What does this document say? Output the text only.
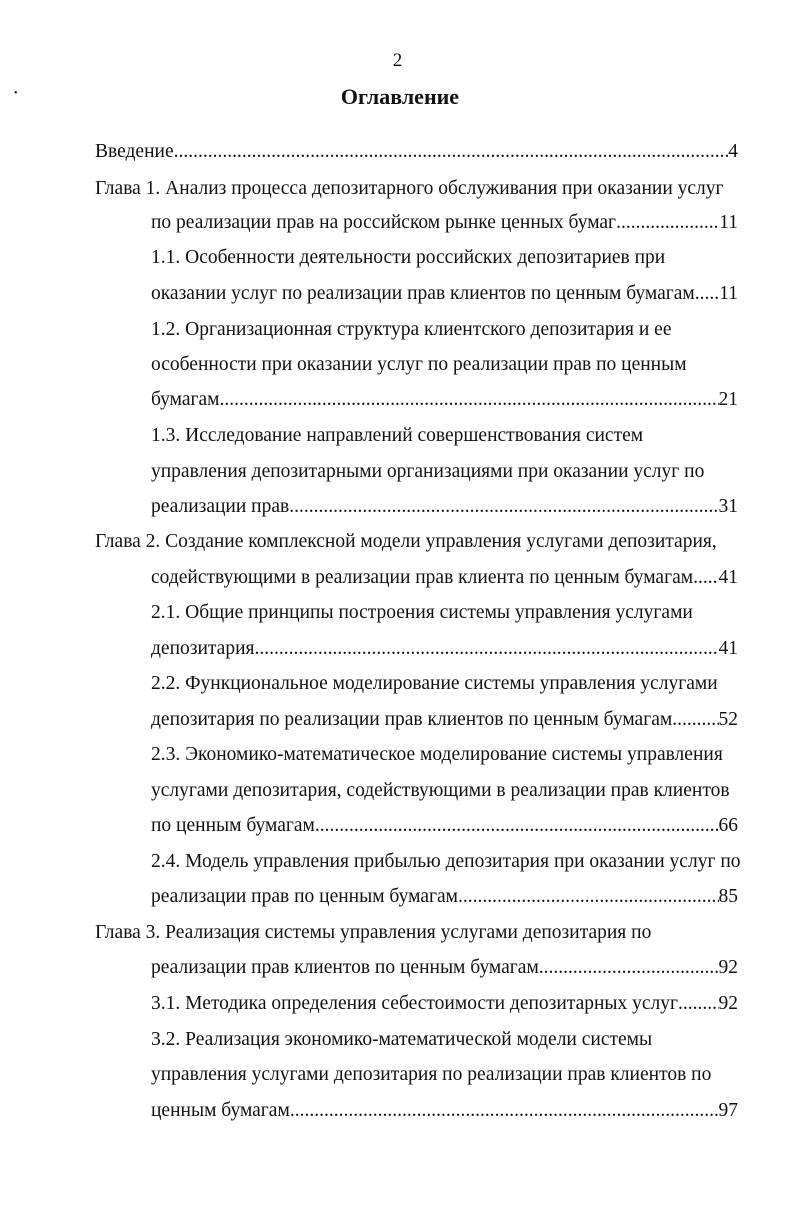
2
•	Оглавление
Введение .....	4
Глава 1. Анализ процесса депозитарного обслуживания при оказании услуг
по реализации прав на российском рынке ценных бумаг .....	11
1.1. Особенности деятельности российских депозитариев при
оказании услуг по реализации прав клиентов по ценным бумагам ..... 11
1.2. Организационная структура клиентского депозитария и ее
особенности при оказании услуг по реализации прав по ценным
бумагам .....	21
1.3. Исследование направлений совершенствования систем
управления депозитарными организациями при оказании услуг по
реализации прав .....	31
Глава 2. Создание комплексной модели управления услугами депозитария,
содействующими в реализации прав клиента по ценным бумагам ..... 41
2.1. Общие принципы построения системы управления услугами
депозитария .....	41
2.2. Функциональное моделирование системы управления услугами
депозитария по реализации прав клиентов по ценным бумагам ..... 52
2.3. Экономико-математическое моделирование системы управления
услугами депозитария, содействующими в реализации прав клиентов
по ценным бумагам .....	66
2.4. Модель управления прибылью депозитария при оказании услуг по
реализации прав по ценным бумагам .....	85
Глава 3. Реализация системы управления услугами депозитария по
реализации прав клиентов по ценным бумагам .....	92
3.1. Методика определения себестоимости депозитарных услуг ..... 92
3.2. Реализация экономико-математической модели системы
управления услугами депозитария по реализации прав клиентов по
ценным бумагам .....	97
